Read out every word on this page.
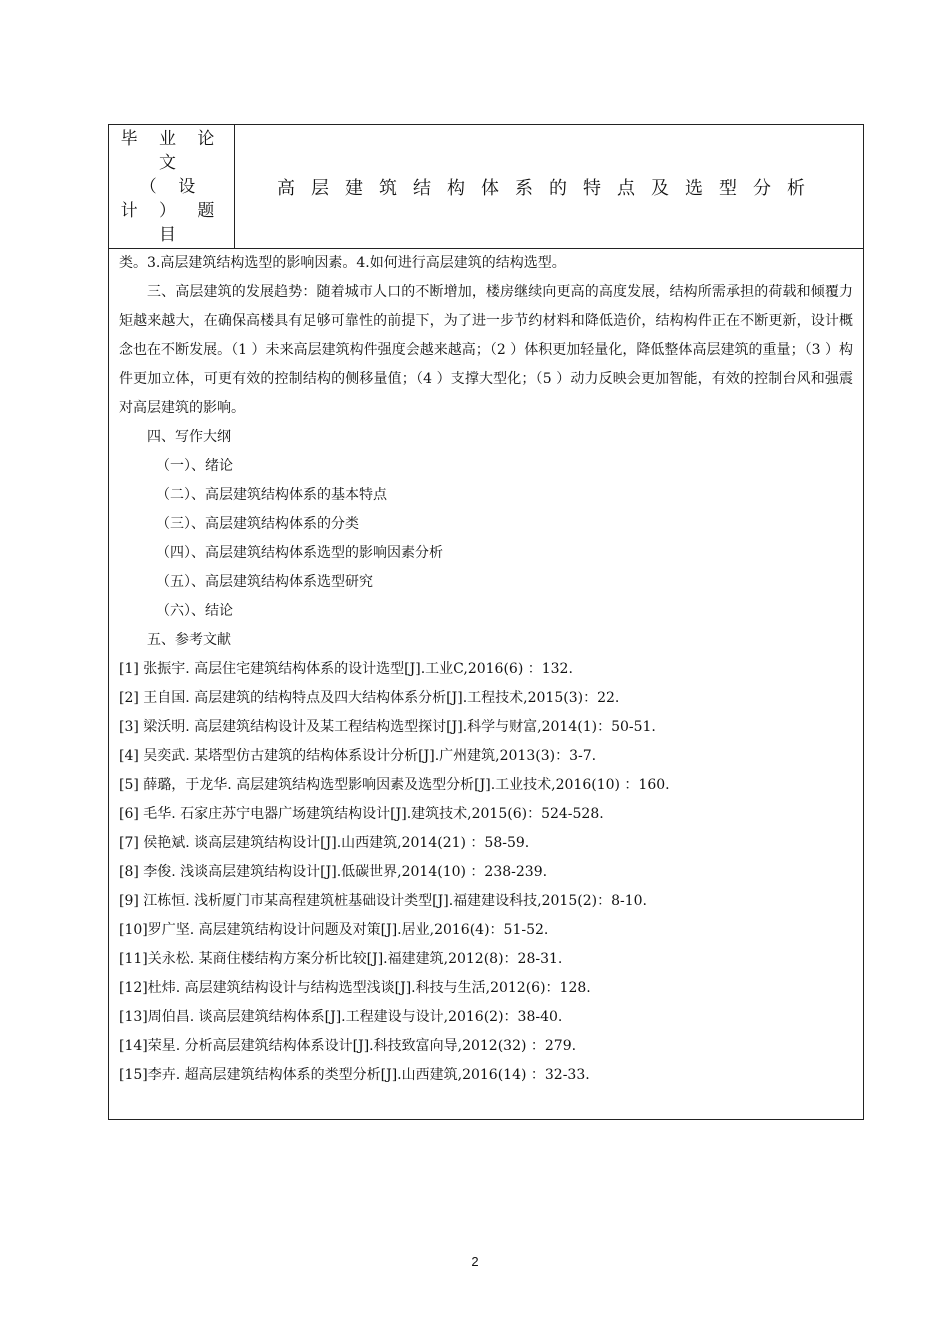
毕 业 论
文
（ 设
计 ） 题
目
高层建筑结构体系的特点及选型分析

类。3.高层建筑结构选型的影响因素。4.如何进行高层建筑的结构选型。

三、高层建筑的发展趋势：随着城市人口的不断增加，楼房继续向更高的高度发展，结构所需承担的荷载和倾覆力矩越来越大，在确保高楼具有足够可靠性的前提下，为了进一步节约材料和降低造价，结构构件正在不断更新，设计概念也在不断发展。（1 ）未来高层建筑构件强度会越来越高；（2 ）体积更加轻量化，降低整体高层建筑的重量；（3 ）构件更加立体，可更有效的控制结构的侧移量值；（4 ）支撑大型化；（5 ）动力反映会更加智能，有效的控制台风和强震对高层建筑的影响。

四、写作大纲

（一）、绪论

（二）、高层建筑结构体系的基本特点

（三）、高层建筑结构体系的分类

（四）、高层建筑结构体系选型的影响因素分析

（五）、高层建筑结构体系选型研究

（六）、结论

五、参考文献

[1] 张振宇. 高层住宅建筑结构体系的设计选型[J].工业C,2016(6) ：132.

[2] 王自国. 高层建筑的结构特点及四大结构体系分析[J].工程技术,2015(3)：22.

[3] 梁沃明. 高层建筑结构设计及某工程结构选型探讨[J].科学与财富,2014(1)：50-51.

[4] 吴奕武. 某塔型仿古建筑的结构体系设计分析[J].广州建筑,2013(3)：3-7.

[5] 薛璐，于龙华. 高层建筑结构选型影响因素及选型分析[J].工业技术,2016(10) ：160.

[6] 毛华. 石家庄苏宁电器广场建筑结构设计[J].建筑技术,2015(6)：524-528.

[7] 侯艳斌. 谈高层建筑结构设计[J].山西建筑,2014(21) ：58-59.

[8] 李俊. 浅谈高层建筑结构设计[J].低碳世界,2014(10) ：238-239.

[9] 江栋恒. 浅析厦门市某高程建筑桩基础设计类型[J].福建建设科技,2015(2)：8-10.

[10]罗广坚. 高层建筑结构设计问题及对策[J].居业,2016(4)：51-52.

[11]关永松. 某商住楼结构方案分析比较[J].福建建筑,2012(8)：28-31.

[12]杜炜. 高层建筑结构设计与结构选型浅谈[J].科技与生活,2012(6)：128.

[13]周伯昌. 谈高层建筑结构体系[J].工程建设与设计,2016(2)：38-40.

[14]荣星. 分析高层建筑结构体系设计[J].科技致富向导,2012(32) ：279.

[15]李卉. 超高层建筑结构体系的类型分析[J].山西建筑,2016(14) ：32-33.

2
